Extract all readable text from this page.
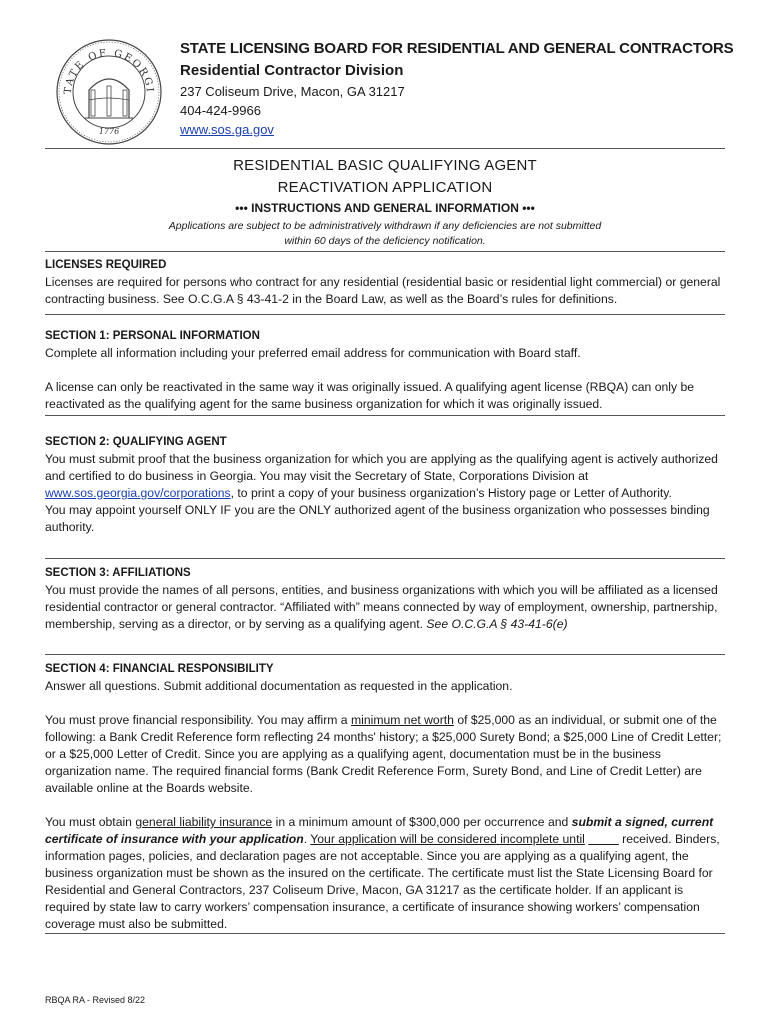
TATE OF GEORGI
1776
STATE LICENSING BOARD FOR RESIDENTIAL AND GENERAL CONTRACTORS
Residential Contractor Division
237 Coliseum Drive, Macon, GA 31217
404-424-9966
www.sos.ga.gov
RESIDENTIAL BASIC QUALIFYING AGENT
REACTIVATION APPLICATION
••• INSTRUCTIONS AND GENERAL INFORMATION •••
Applications are subject to be administratively withdrawn if any deficiencies are not submitted
within 60 days of the deficiency notification.
LICENSES REQUIRED
Licenses are required for persons who contract for any residential (residential basic or residential light commercial) or general contracting business. See O.C.G.A § 43-41-2 in the Board Law, as well as the Board’s rules for definitions.
SECTION 1: PERSONAL INFORMATION
Complete all information including your preferred email address for communication with Board staff.
A license can only be reactivated in the same way it was originally issued. A qualifying agent license (RBQA) can only be reactivated as the qualifying agent for the same business organization for which it was originally issued.
SECTION 2: QUALIFYING AGENT
You must submit proof that the business organization for which you are applying as the qualifying agent is actively authorized and certified to do business in Georgia. You may visit the Secretary of State, Corporations Division at www.sos.georgia.gov/corporations, to print a copy of your business organization’s History page or Letter of Authority.
You may appoint yourself ONLY IF you are the ONLY authorized agent of the business organization who possesses binding authority.
SECTION 3: AFFILIATIONS
You must provide the names of all persons, entities, and business organizations with which you will be affiliated as a licensed residential contractor or general contractor. “Affiliated with” means connected by way of employment, ownership, partnership, membership, serving as a director, or by serving as a qualifying agent. See O.C.G.A § 43-41-6(e)
SECTION 4: FINANCIAL RESPONSIBILITY
Answer all questions. Submit additional documentation as requested in the application.
You must prove financial responsibility. You may affirm a minimum net worth of $25,000 as an individual, or submit one of the following: a Bank Credit Reference form reflecting 24 months' history; a $25,000 Surety Bond; a $25,000 Line of Credit Letter; or a $25,000 Letter of Credit. Since you are applying as a qualifying agent, documentation must be in the business organization name. The required financial forms (Bank Credit Reference Form, Surety Bond, and Line of Credit Letter) are available online at the Boards website.
You must obtain general liability insurance in a minimum amount of $300,000 per occurrence and submit a signed, current certificate of insurance with your application. Your application will be considered incomplete until      	received. Binders, information pages, policies, and declaration pages are not acceptable. Since you are applying as a qualifying agent, the business organization must be shown as the insured on the certificate. The certificate must list the State Licensing Board for Residential and General Contractors, 237 Coliseum Drive, Macon, GA 31217 as the certificate holder. If an applicant is required by state law to carry workers’ compensation insurance, a certificate of insurance showing workers’ compensation coverage must also be submitted.
RBQA RA - Revised 8/22
